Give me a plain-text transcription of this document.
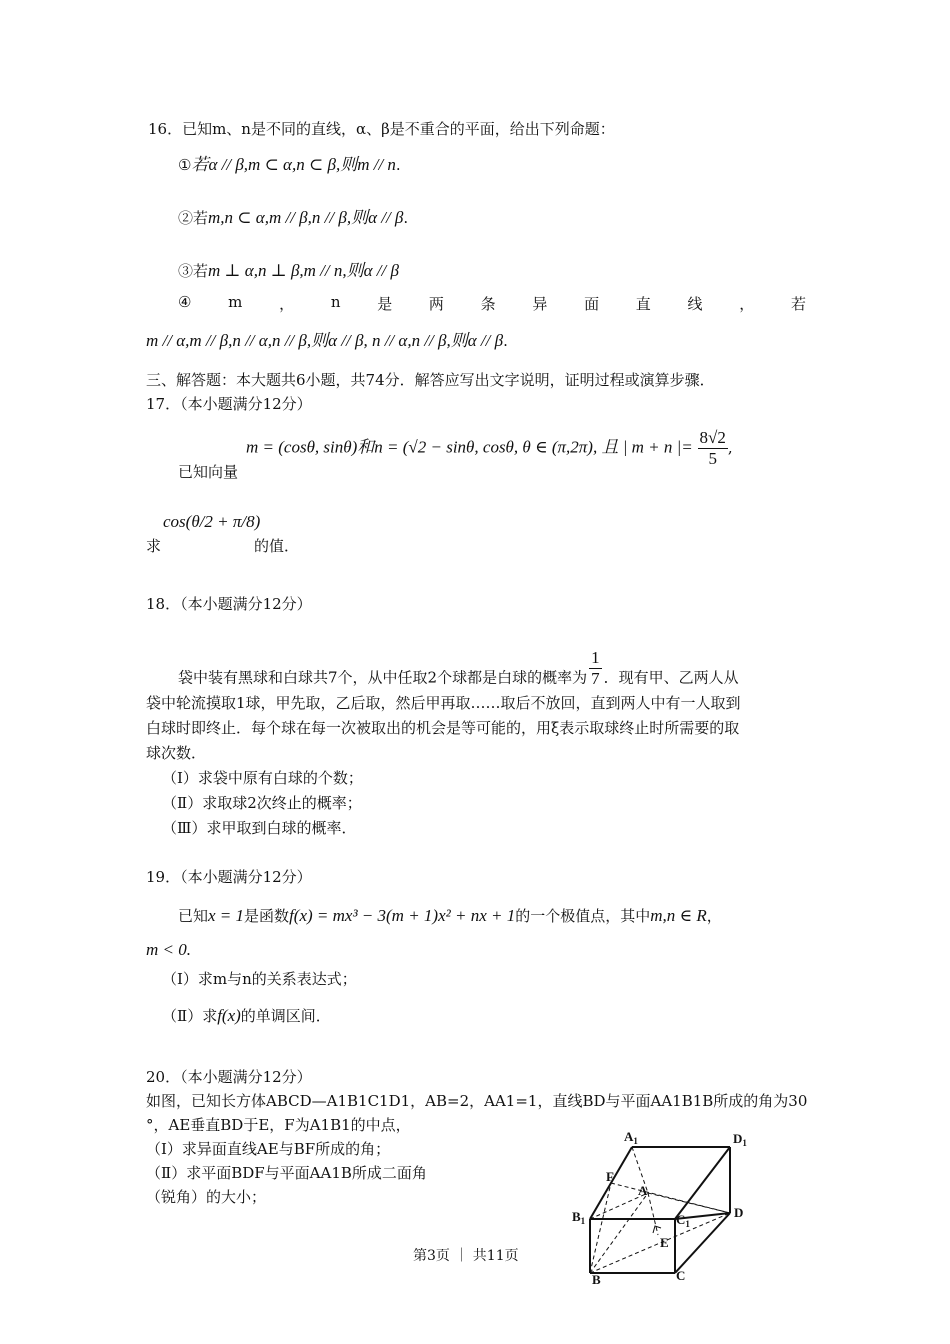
16．已知m、n是不同的直线，α、β是不重合的平面，给出下列命题：
①若α // β,m ⊂ α,n ⊂ β,则m // n.
②若m,n ⊂ α,m // β,n // β,则α // β.
③若m ⊥ α,n ⊥ β,m // n,则α // β
④ m ， n 是 两 条 异 面 直 线 ， 若
m // α,m // β,n // α,n // β,则α // β, n // α,n // β,则α // β.
三、解答题：本大题共6小题，共74分．解答应写出文字说明，证明过程或演算步骤．
17．（本小题满分12分）
已知向量
m = (cosθ, sinθ)和n = (√2 − sinθ, cosθ, θ ∈ (π,2π), 且 | m + n |= $\frac{8√2}{5}$ ,
求
cos(θ/2 + π/8)
的值．
18．（本小题满分12分）
袋中装有黑球和白球共7个，从中任取2个球都是白球的概率为 $\frac{1}{7}$ ．现有甲、乙两人从
袋中轮流摸取1球，甲先取，乙后取，然后甲再取……取后不放回，直到两人中有一人取到
白球时即终止．每个球在每一次被取出的机会是等可能的，用ξ表示取球终止时所需要的取
球次数．
（Ⅰ）求袋中原有白球的个数；
（Ⅱ）求取球2次终止的概率；
（Ⅲ）求甲取到白球的概率．
19．（本小题满分12分）
已知x = 1是函数f(x) = mx³ − 3(m + 1)x² + nx + 1的一个极值点，其中m,n ∈ R，
m < 0.
（Ⅰ）求m与n的关系表达式；
（Ⅱ）求f(x)的单调区间．
20．（本小题满分12分）
如图，已知长方体ABCD—A1B1C1D1，AB=2，AA1=1，直线BD与平面AA1B1B所成的角为30
°，AE垂直BD于E，F为A1B1的中点，
（Ⅰ）求异面直线AE与BF所成的角；
（Ⅱ）求平面BDF与平面AA1B所成二面角
（锐角）的大小；
$A_1$	$D_1$
F
A
$B_1$	$C_1$
D
E
B	C
第3页 ｜ 共11页
